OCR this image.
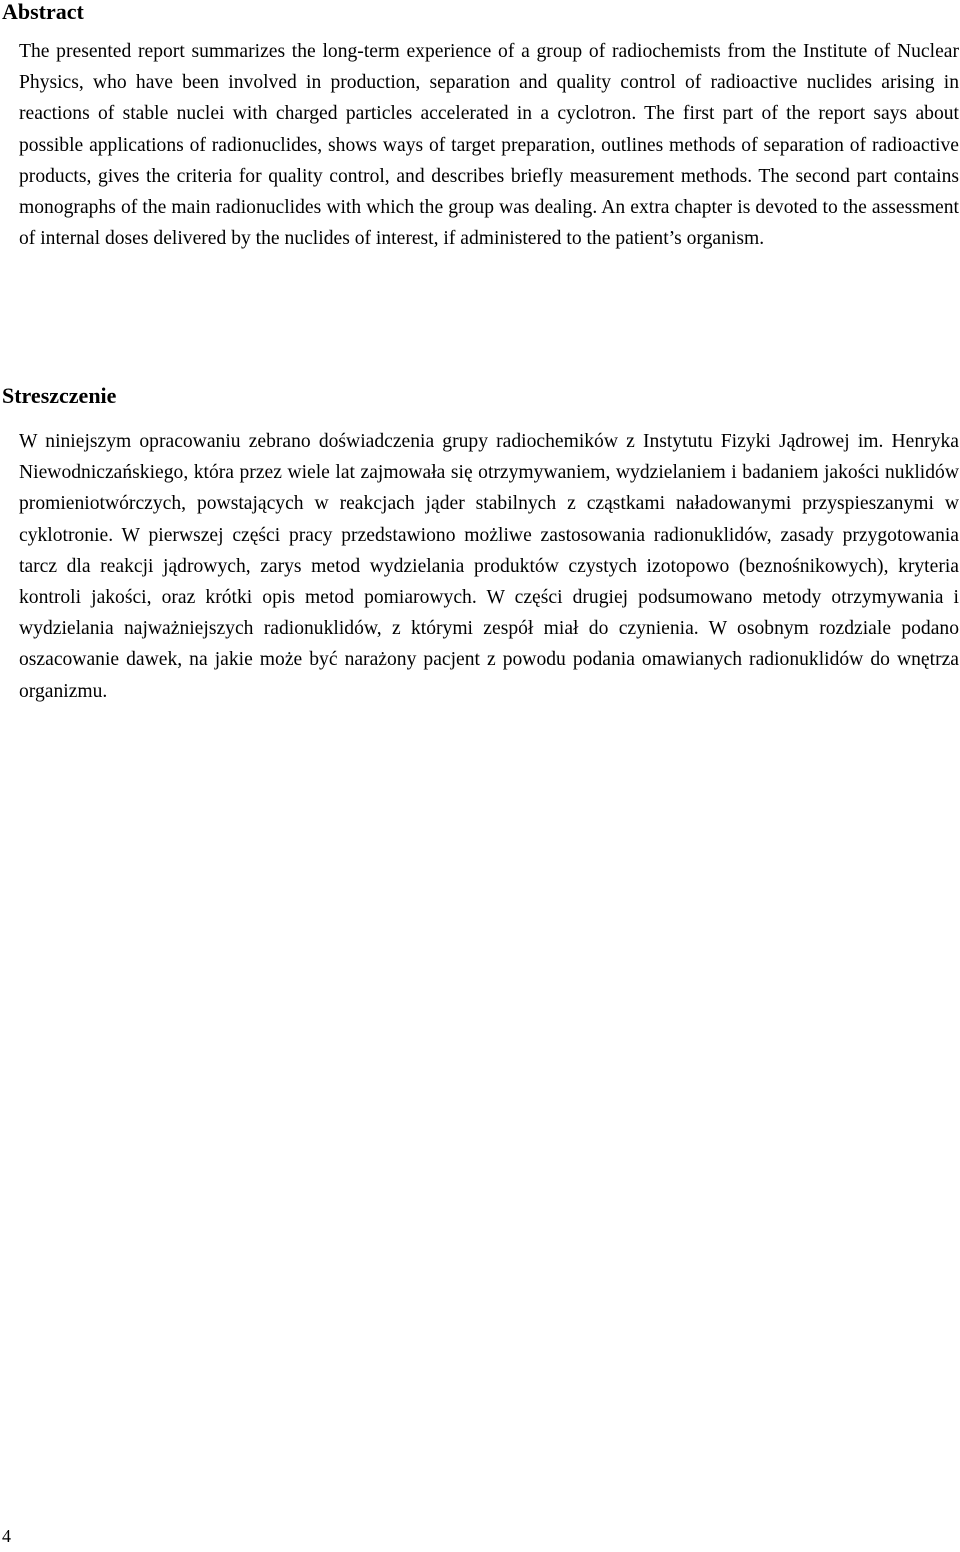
Abstract

The presented report summarizes the long-term experience of a group of radiochemists from the Institute of Nuclear Physics, who have been involved in production, separation and quality control of radioactive nuclides arising in reactions of stable nuclei with charged particles accelerated in a cyclotron. The first part of the report says about possible applications of radionuclides, shows ways of target preparation, outlines methods of separation of radioactive products, gives the criteria for quality control, and describes briefly measurement methods. The second part contains monographs of the main radionuclides with which the group was dealing. An extra chapter is devoted to the assessment of internal doses delivered by the nuclides of interest, if administered to the patient’s organism.

Streszczenie

W niniejszym opracowaniu zebrano doświadczenia grupy radiochemików z Instytutu Fizyki Jądrowej im. Henryka Niewodniczańskiego, która przez wiele lat zajmowała się otrzymywaniem, wydzielaniem i badaniem jakości nuklidów promieniotwórczych, powstających w reakcjach jąder stabilnych z cząstkami naładowanymi przyspieszanymi w cyklotronie. W pierwszej części pracy przedstawiono możliwe zastosowania radionuklidów, zasady przygotowania tarcz dla reakcji jądrowych, zarys metod wydzielania produktów czystych izotopowo (beznośnikowych), kryteria kontroli jakości, oraz krótki opis metod pomiarowych. W części drugiej podsumowano metody otrzymywania i wydzielania najważniejszych radionuklidów, z którymi zespół miał do czynienia. W osobnym rozdziale podano oszacowanie dawek, na jakie może być narażony pacjent z powodu podania omawianych radionuklidów do wnętrza organizmu.

4
